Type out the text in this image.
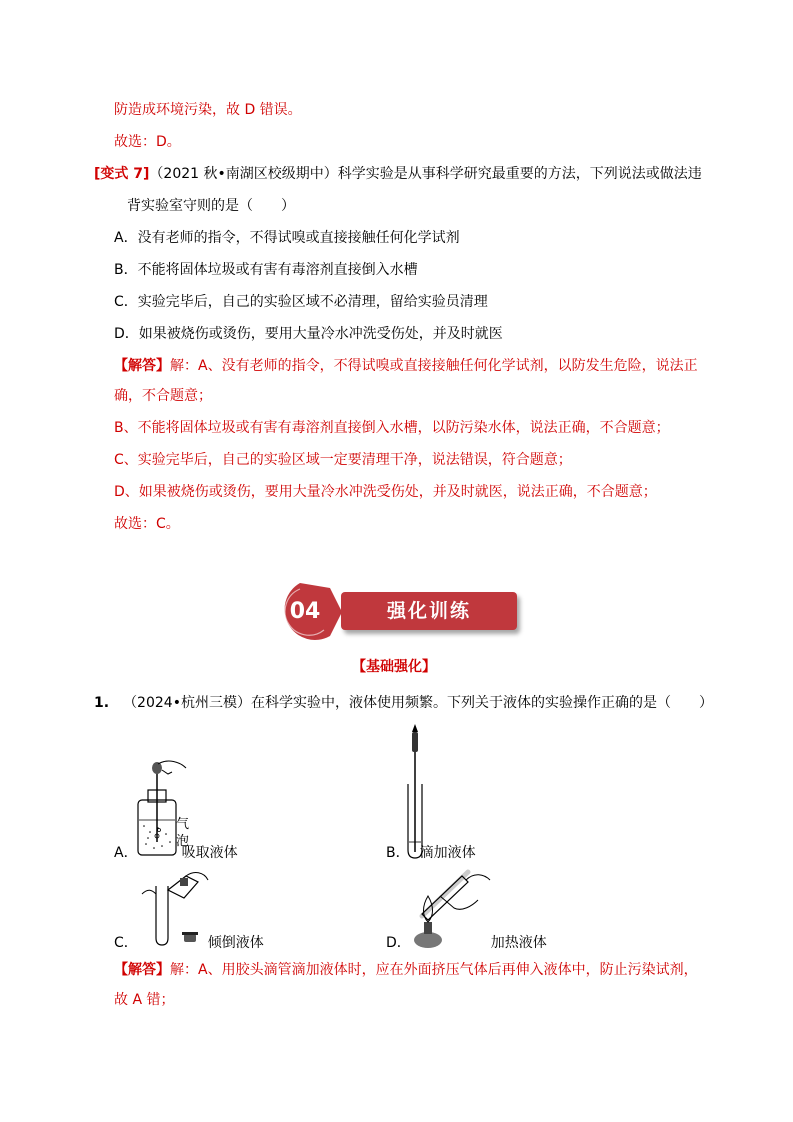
防造成环境污染，故 D 错误。
故选：D。
[变式 7]（2021 秋•南湖区校级期中）科学实验是从事科学研究最重要的方法，下列说法或做法违
背实验室守则的是（　　）
A．没有老师的指令，不得试嗅或直接接触任何化学试剂
B．不能将固体垃圾或有害有毒溶剂直接倒入水槽
C．实验完毕后，自己的实验区域不必清理，留给实验员清理
D．如果被烧伤或烫伤，要用大量冷水冲洗受伤处，并及时就医
【解答】解：A、没有老师的指令，不得试嗅或直接接触任何化学试剂，以防发生危险，说法正
确，不合题意；
B、不能将固体垃圾或有害有毒溶剂直接倒入水槽，以防污染水体，说法正确，不合题意；
C、实验完毕后，自己的实验区域一定要清理干净，说法错误，符合题意；
D、如果被烧伤或烫伤，要用大量冷水冲洗受伤处，并及时就医，说法正确，不合题意；
故选：C。
04	强化训练
【基础强化】
1. （2024•杭州三模）在科学实验中，液体使用频繁。下列关于液体的实验操作正确的是（　　）
气
泡
A．	吸取液体	B． 滴加液体
C．	倾倒液体	D．	加热液体
【解答】解：A、用胶头滴管滴加液体时，应在外面挤压气体后再伸入液体中，防止污染试剂，
故 A 错；
